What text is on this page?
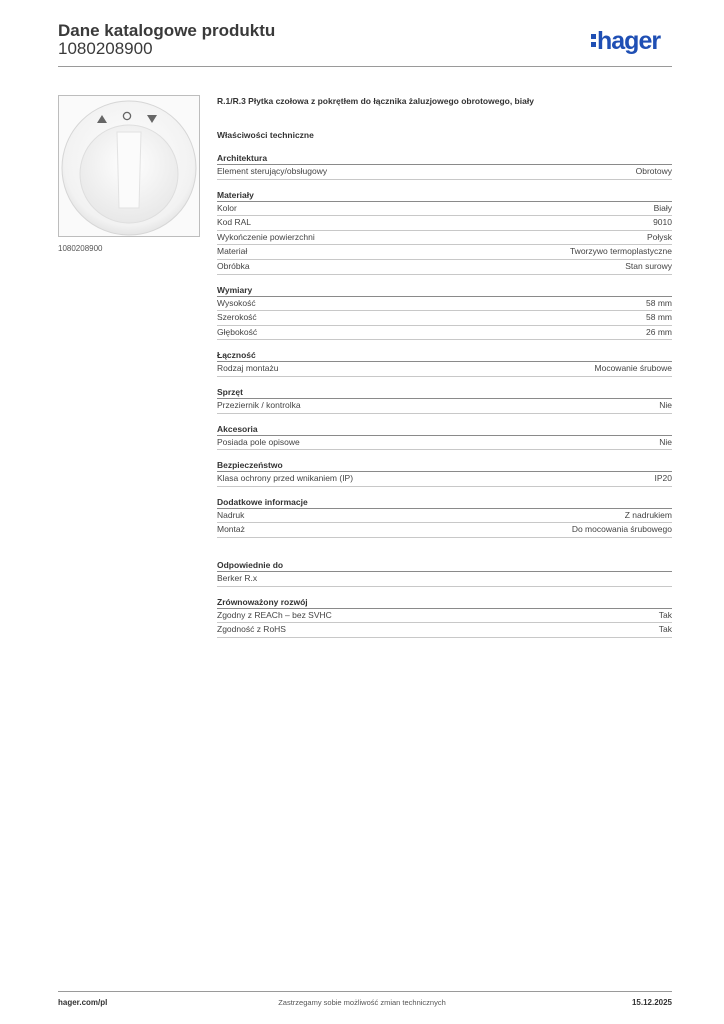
Dane katalogowe produktu
1080208900	hager
1080208900
R.1/R.3 Płytka czołowa z pokrętłem do łącznika żaluzjowego obrotowego, biały
Właściwości techniczne
Architektura
Element sterujący/obsługowy	Obrotowy
Materiały
Kolor	Biały
Kod RAL	9010
Wykończenie powierzchni	Połysk
Materiał	Tworzywo termoplastyczne
Obróbka	Stan surowy
Wymiary
Wysokość	58 mm
Szerokość	58 mm
Głębokość	26 mm
Łączność
Rodzaj montażu	Mocowanie śrubowe
Sprzęt
Przeziernik / kontrolka	Nie
Akcesoria
Posiada pole opisowe	Nie
Bezpieczeństwo
Klasa ochrony przed wnikaniem (IP)	IP20
Dodatkowe informacje
Nadruk	Z nadrukiem
Montaż	Do mocowania śrubowego
Odpowiednie do
Berker R.x
Zrównoważony rozwój
Zgodny z REACh – bez SVHC	Tak
Zgodność z RoHS	Tak
hager.com/pl	Zastrzegamy sobie możliwość zmian technicznych	15.12.2025
